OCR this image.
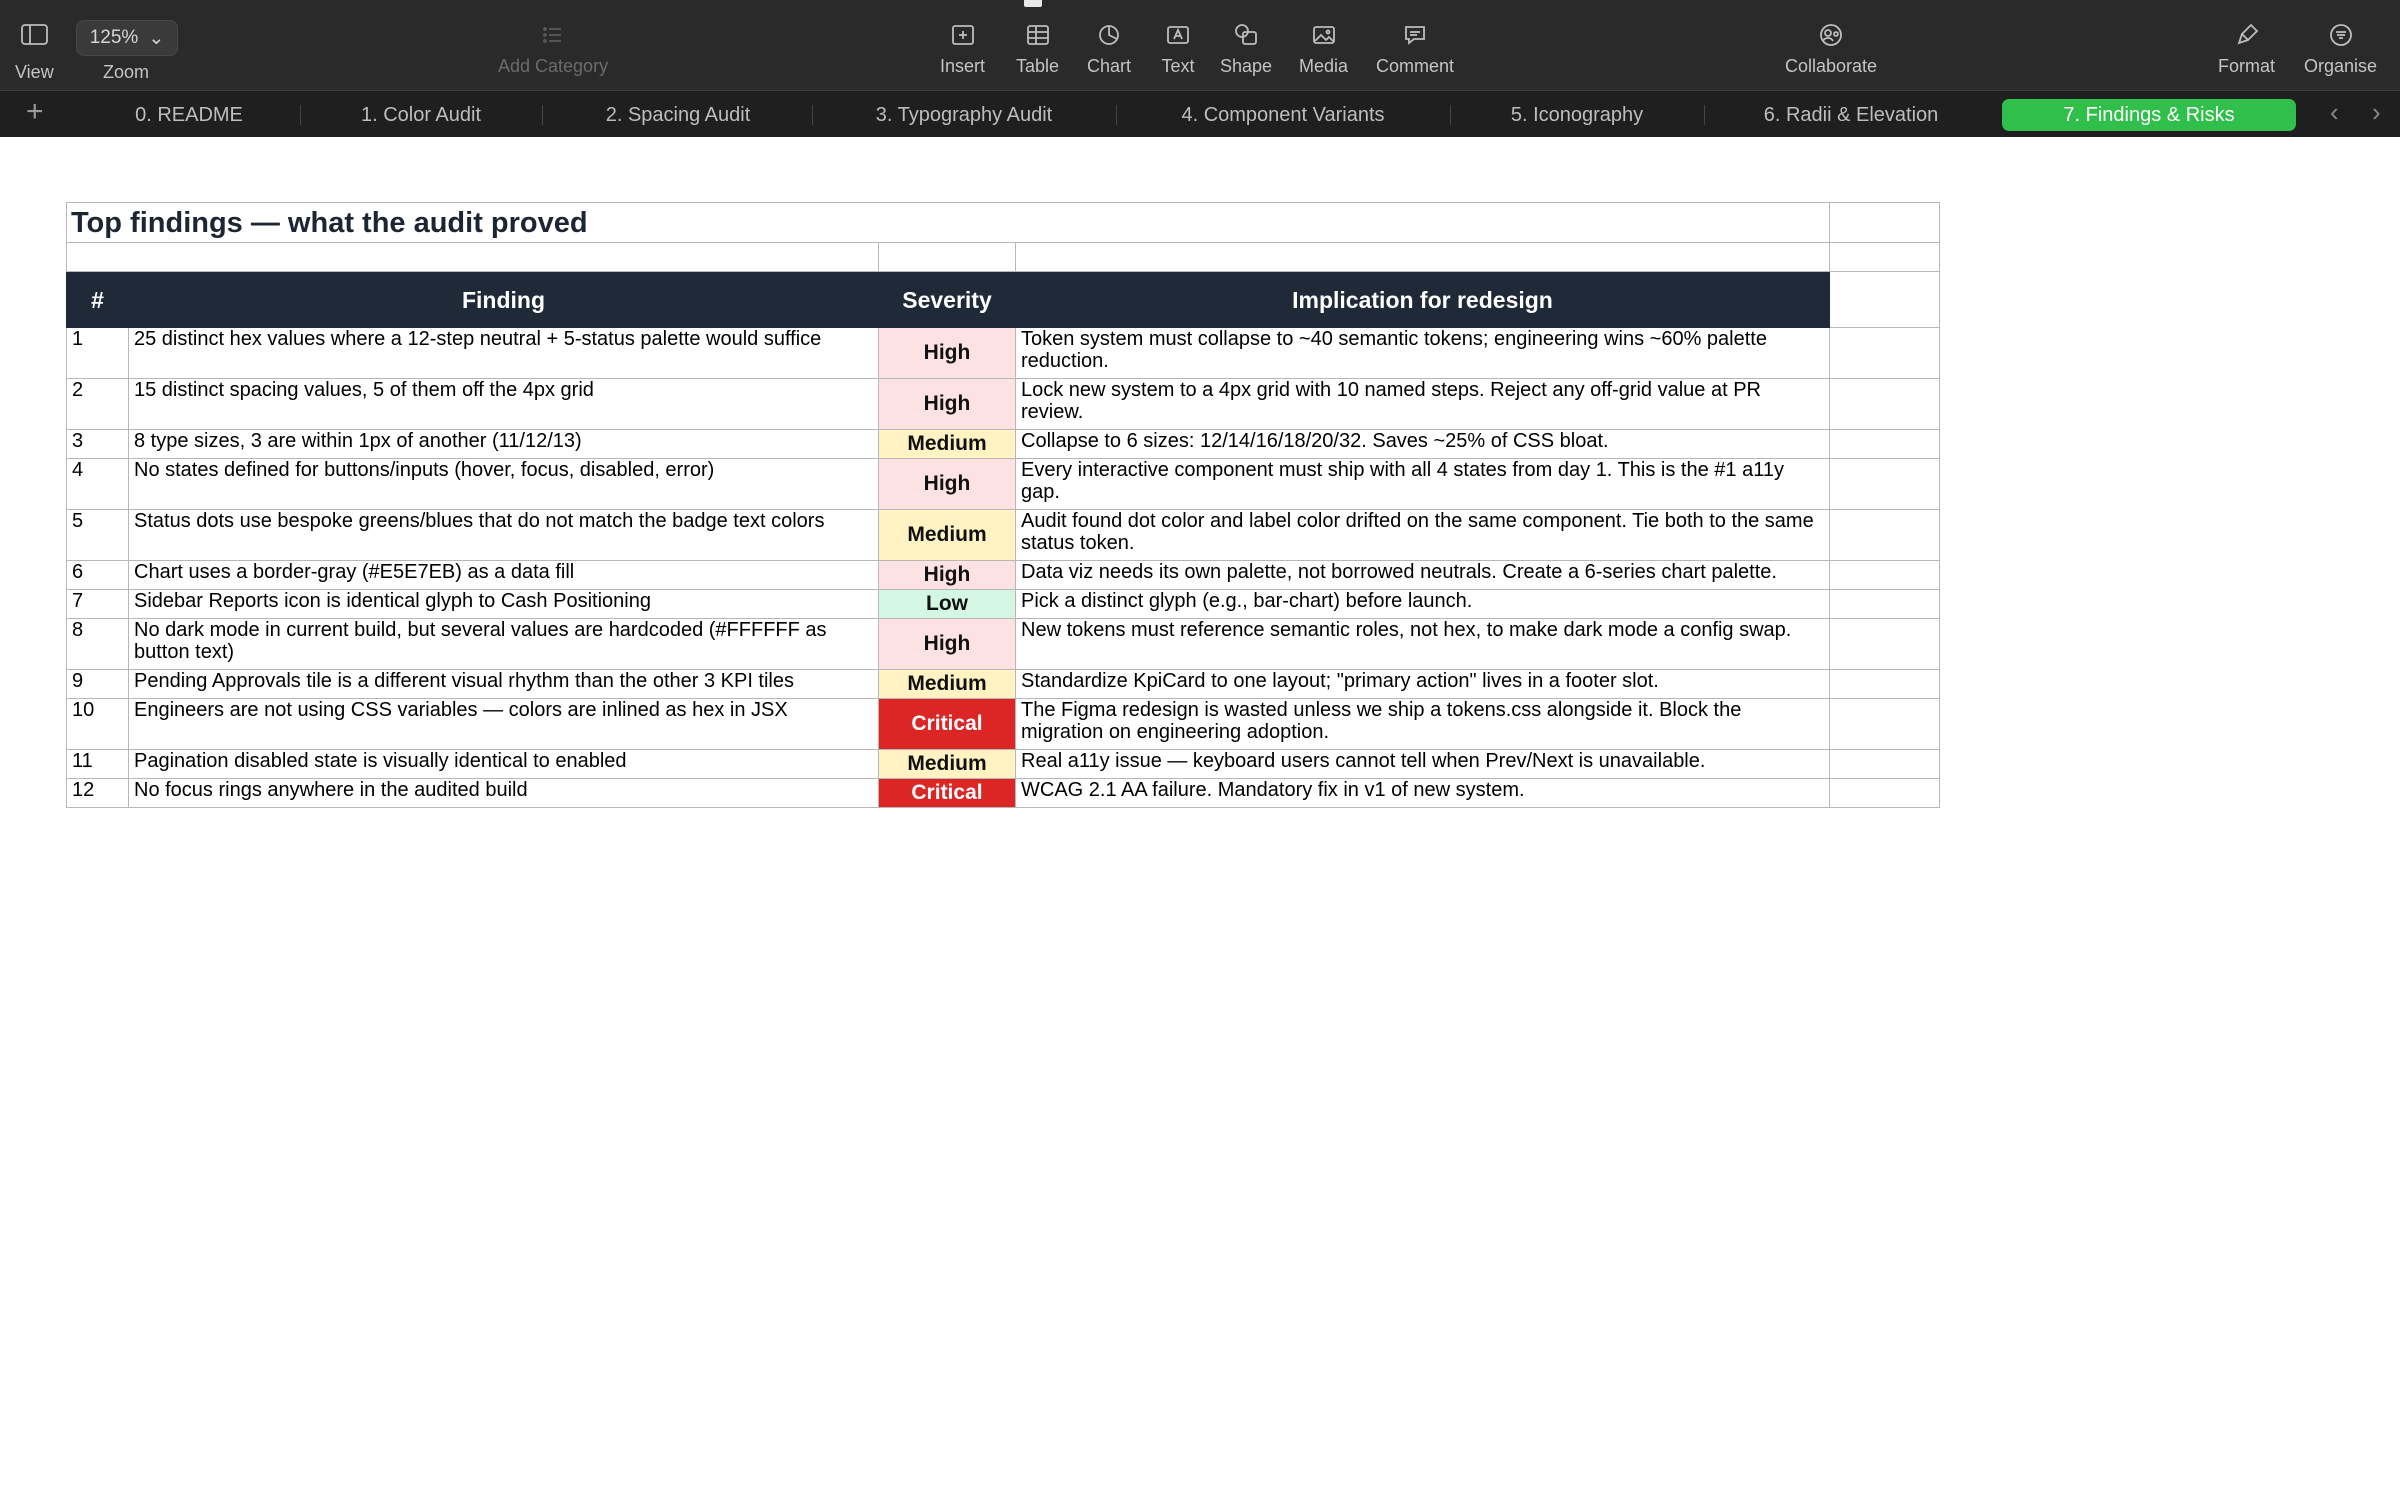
View
125% ⌄
Zoom	Add Category	Insert Table Chart Text Shape Media Comment	Collaborate	Format Organise
+	0. README	1. Color Audit	2. Spacing Audit	3. Typography Audit	4. Component Variants	5. Iconography	6. Radii & Elevation	7. Findings & Risks	‹ ›
Top findings — what the audit proved				

#	Finding	Severity	Implication for redesign	
1	25 distinct hex values where a 12-step neutral + 5-status palette would suffice	High	Token system must collapse to ~40 semantic tokens; engineering wins ~60% palette reduction.	
2	15 distinct spacing values, 5 of them off the 4px grid	High	Lock new system to a 4px grid with 10 named steps. Reject any off-grid value at PR review.	
3	8 type sizes, 3 are within 1px of another (11/12/13)	Medium	Collapse to 6 sizes: 12/14/16/18/20/32. Saves ~25% of CSS bloat.	
4	No states defined for buttons/inputs (hover, focus, disabled, error)	High	Every interactive component must ship with all 4 states from day 1. This is the #1 a11y gap.	
5	Status dots use bespoke greens/blues that do not match the badge text colors	Medium	Audit found dot color and label color drifted on the same component. Tie both to the same status token.	
6	Chart uses a border-gray (#E5E7EB) as a data fill	High	Data viz needs its own palette, not borrowed neutrals. Create a 6-series chart palette.	
7	Sidebar Reports icon is identical glyph to Cash Positioning	Low	Pick a distinct glyph (e.g., bar-chart) before launch.	
8	No dark mode in current build, but several values are hardcoded (#FFFFFF as button text)	High	New tokens must reference semantic roles, not hex, to make dark mode a config swap.	
9	Pending Approvals tile is a different visual rhythm than the other 3 KPI tiles	Medium	Standardize KpiCard to one layout; "primary action" lives in a footer slot.	
10	Engineers are not using CSS variables — colors are inlined as hex in JSX	Critical	The Figma redesign is wasted unless we ship a tokens.css alongside it. Block the migration on engineering adoption.	
11	Pagination disabled state is visually identical to enabled	Medium	Real a11y issue — keyboard users cannot tell when Prev/Next is unavailable.	
12	No focus rings anywhere in the audited build	Critical	WCAG 2.1 AA failure. Mandatory fix in v1 of new system.	
